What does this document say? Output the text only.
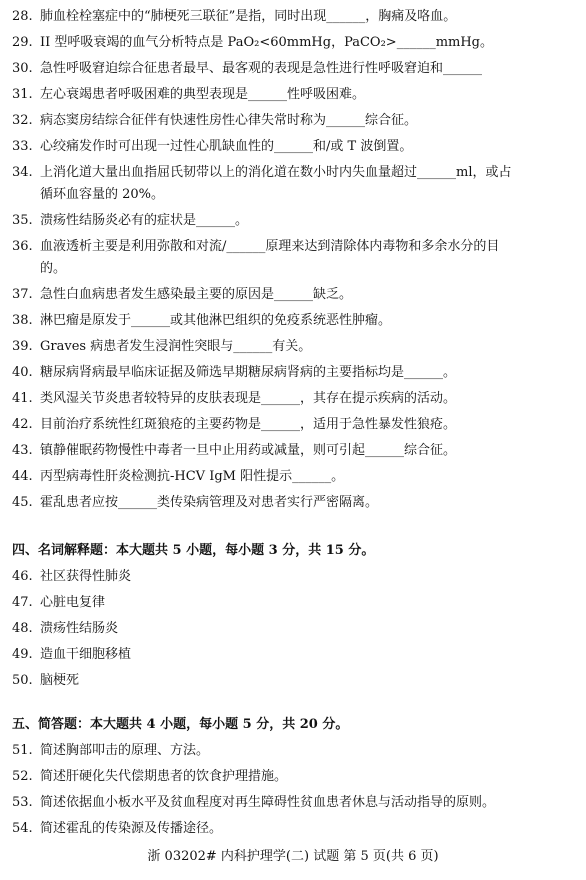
28. 肺血栓栓塞症中的“肺梗死三联征”是指，同时出现______，胸痛及咯血。
29. II 型呼吸衰竭的血气分析特点是 PaO₂<60mmHg，PaCO₂>______mmHg。
30. 急性呼吸窘迫综合征患者最早、最客观的表现是急性进行性呼吸窘迫和______
31. 左心衰竭患者呼吸困难的典型表现是______性呼吸困难。
32. 病态窦房结综合征伴有快速性房性心律失常时称为______综合征。
33. 心绞痛发作时可出现一过性心肌缺血性的______和/或 T 波倒置。
34. 上消化道大量出血指屈氏韧带以上的消化道在数小时内失血量超过______ml，或占
循环血容量的 20%。
35. 溃疡性结肠炎必有的症状是______。
36. 血液透析主要是利用弥散和对流/______原理来达到清除体内毒物和多余水分的目
的。
37. 急性白血病患者发生感染最主要的原因是______缺乏。
38. 淋巴瘤是原发于______或其他淋巴组织的免疫系统恶性肿瘤。
39. Graves 病患者发生浸润性突眼与______有关。
40. 糖尿病肾病最早临床证据及筛选早期糖尿病肾病的主要指标均是______。
41. 类风湿关节炎患者较特异的皮肤表现是______，其存在提示疾病的活动。
42. 目前治疗系统性红斑狼疮的主要药物是______，适用于急性暴发性狼疮。
43. 镇静催眠药物慢性中毒者一旦中止用药或减量，则可引起______综合征。
44. 丙型病毒性肝炎检测抗-HCV IgM 阳性提示______。
45. 霍乱患者应按______类传染病管理及对患者实行严密隔离。
四、名词解释题：本大题共 5 小题，每小题 3 分，共 15 分。
46. 社区获得性肺炎
47. 心脏电复律
48. 溃疡性结肠炎
49. 造血干细胞移植
50. 脑梗死
五、简答题：本大题共 4 小题，每小题 5 分，共 20 分。
51. 简述胸部叩击的原理、方法。
52. 简述肝硬化失代偿期患者的饮食护理措施。
53. 简述依据血小板水平及贫血程度对再生障碍性贫血患者休息与活动指导的原则。
54. 简述霍乱的传染源及传播途径。
浙 03202# 内科护理学(二) 试题 第 5 页(共 6 页)
